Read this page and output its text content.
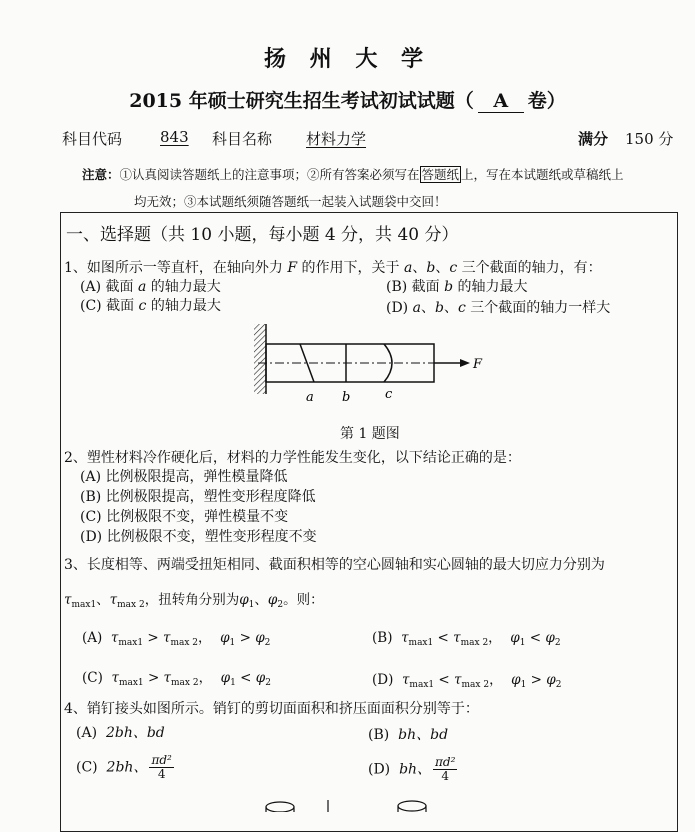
扬 州 大 学
2015 年硕士研究生招生考试初试试题（ A 卷）
科目代码	843 科目名称 材料力学	满分 150 分
注意：①认真阅读答题纸上的注意事项；②所有答案必须写在 答题纸 上，写在本试题纸或草稿纸上
均无效；③本试题纸须随答题纸一起装入试题袋中交回！
一、选择题（共 10 小题，每小题 4 分，共 40 分）
1、如图所示一等直杆，在轴向外力 F 的作用下，关于 a、b、c 三个截面的轴力，有：
(A) 截面 a 的轴力最大	(B) 截面 b 的轴力最大
(C) 截面 c 的轴力最大	(D) a、b、c 三个截面的轴力一样大
a b	c
F
第 1 题图
2、塑性材料冷作硬化后，材料的力学性能发生变化，以下结论正确的是：
(A) 比例极限提高，弹性模量降低
(B) 比例极限提高，塑性变形程度降低
(C) 比例极限不变，弹性模量不变
(D) 比例极限不变，塑性变形程度不变
3、长度相等、两端受扭矩相同、截面积相等的空心圆轴和实心圆轴的最大切应力分别为
$\tau_{max1}$、$\tau_{max 2}$，扭转角分别为$\varphi_1$、$\varphi_2$。则：
(A) $\tau_{max1} > \tau_{max 2}$，  $\varphi_1 > \varphi_2$	(B) $\tau_{max1} < \tau_{max 2}$，  $\varphi_1 < \varphi_2$
(C) $\tau_{max1} > \tau_{max 2}$，  $\varphi_1 < \varphi_2$	(D) $\tau_{max1} < \tau_{max 2}$，  $\varphi_1 > \varphi_2$
4、销钉接头如图所示。销钉的剪切面面积和挤压面面积分别等于：
(A) 2bh、bd	(B) bh、bd
(C) 2bh、 $\frac{\text{πd²}}{4}$	(D) bh、 $\frac{\text{πd²}}{4}$
